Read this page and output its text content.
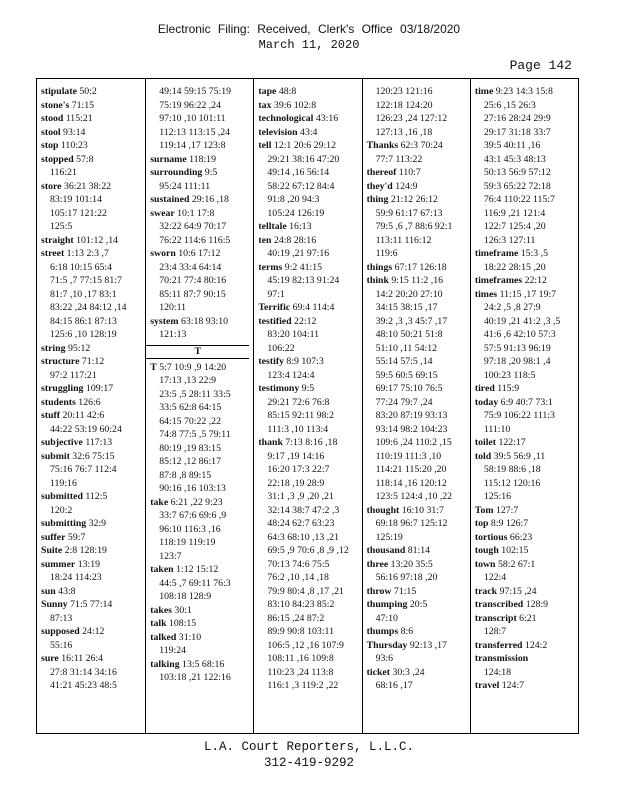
Electronic Filing: Received, Clerk's Office 03/18/2020
March 11, 2020
Page 142
stipulate 50:2
stone's 71:15
stood 115:21
stool 93:14
stop 110:23
stopped 57:8
116:21
store 36:21 38:22
83:19 101:14
105:17 121:22
125:5
straight 101:12 ,14
street 1:13 2:3 ,7
6:18 10:15 65:4
71:5 ,7 77:15 81:7
81:7 ,10 ,17 83:1
83:22 ,24 84:12 ,14
84:15 86:1 87:13
125:6 ,10 128:19
string 95:12
structure 71:12
97:2 117:21
struggling 109:17
students 126:6
stuff 20:11 42:6
44:22 53:19 60:24
subjective 117:13
submit 32:6 75:15
75:16 76:7 112:4
119:16
submitted 112:5
120:2
submitting 32:9
suffer 59:7
Suite 2:8 128:19
summer 13:19
18:24 114:23
sun 43:8
Sunny 71:5 77:14
87:13
supposed 24:12
55:16
sure 16:11 26:4
27:8 31:14 34:16
41:21 45:23 48:5
49:14 59:15 75:19
75:19 96:22 ,24
97:10 ,10 101:11
112:13 113:15 ,24
119:14 ,17 123:8
surname 118:19
surrounding 9:5
95:24 111:11
sustained 29:16 ,18
swear 10:1 17:8
32:22 64:9 70:17
76:22 114:6 116:5
sworn 10:6 17:12
23:4 33:4 64:14
70:21 77:4 80:16
85:11 87:7 90:15
120:11
system 63:18 93:10
121:13
T
T 5:7 10:9 ,9 14:20
17:13 ,13 22:9
23:5 ,5 28:11 33:5
33:5 62:8 64:15
64:15 70:22 ,22
74:8 77:5 ,5 79:11
80:19 ,19 83:15
85:12 ,12 86:17
87:8 ,8 89:15
90:16 ,16 103:13
take 6:21 ,22 9:23
33:7 67:6 69:6 ,9
96:10 116:3 ,16
118:19 119:19
123:7
taken 1:12 15:12
44:5 ,7 69:11 76:3
108:18 128:9
takes 30:1
talk 108:15
talked 31:10
119:24
talking 13:5 68:16
103:18 ,21 122:16
tape 48:8
tax 39:6 102:8
technological 43:16
television 43:4
tell 12:1 20:6 29:12
29:21 38:16 47:20
49:14 ,16 56:14
58:22 67:12 84:4
91:8 ,20 94:3
105:24 126:19
telltale 16:13
ten 24:8 28:16
40:19 ,21 97:16
terms 9:2 41:15
45:19 82:13 91:24
97:1
Terrific 69:4 114:4
testified 22:12
83:20 104:11
106:22
testify 8:9 107:3
123:4 124:4
testimony 9:5
29:21 72:6 76:8
85:15 92:11 98:2
111:3 ,10 113:4
thank 7:13 8:16 ,18
9:17 ,19 14:16
16:20 17:3 22:7
22:18 ,19 28:9
31:1 ,3 ,9 ,20 ,21
32:14 38:7 47:2 ,3
48:24 62:7 63:23
64:3 68:10 ,13 ,21
69:5 ,9 70:6 ,8 ,9 ,12
70:13 74:6 75:5
76:2 ,10 ,14 ,18
79:9 80:4 ,8 ,17 ,21
83:10 84:23 85:2
86:15 ,24 87:2
89:9 90:8 103:11
106:5 ,12 ,16 107:9
108:11 ,16 109:8
110:23 ,24 113:8
116:1 ,3 119:2 ,22
120:23 121:16
122:18 124:20
126:23 ,24 127:12
127:13 ,16 ,18
Thanks 62:3 70:24
77:7 113:22
thereof 110:7
they'd 124:9
thing 21:12 26:12
59:9 61:17 67:13
79:5 ,6 ,7 88:6 92:1
113:11 116:12
119:6
things 67:17 126:18
think 9:15 11:2 ,16
14:2 20:20 27:10
34:15 38:15 ,17
39:2 ,3 ,3 45:7 ,17
48:10 50:21 51:8
51:10 ,11 54:12
55:14 57:5 ,14
59:5 60:5 69:15
69:17 75:10 76:5
77:24 79:7 ,24
83:20 87:19 93:13
93:14 98:2 104:23
109:6 ,24 110:2 ,15
110:19 111:3 ,10
114:21 115:20 ,20
118:14 ,16 120:12
123:5 124:4 ,10 ,22
thought 16:10 31:7
69:18 96:7 125:12
125:19
thousand 81:14
three 13:20 35:5
56:16 97:18 ,20
throw 71:15
thumping 20:5
47:10
thumps 8:6
Thursday 92:13 ,17
93:6
ticket 30:3 ,24
68:16 ,17
time 9:23 14:3 15:8
25:6 ,15 26:3
27:16 28:24 29:9
29:17 31:18 33:7
39:5 40:11 ,16
43:1 45:3 48:13
50:13 56:9 57:12
59:3 65:22 72:18
76:4 110:22 115:7
116:9 ,21 121:4
122:7 125:4 ,20
126:3 127:11
timeframe 15:3 ,5
18:22 28:15 ,20
timeframes 22:12
times 11:15 ,17 19:7
24:2 ,5 ,8 27:9
40:19 ,21 41:2 ,3 ,5
41:6 ,6 42:10 57:3
57:5 91:13 96:19
97:18 ,20 98:1 ,4
100:23 118:5
tired 115:9
today 6:9 40:7 73:1
75:9 106:22 111:3
111:10
toilet 122:17
told 39:5 56:9 ,11
58:19 88:6 ,18
115:12 120:16
125:16
Tom 127:7
top 8:9 126:7
tortious 66:23
tough 102:15
town 58:2 67:1
122:4
track 97:15 ,24
transcribed 128:9
transcript 6:21
128:7
transferred 124:2
transmission
124:18
travel 124:7
L.A. Court Reporters, L.L.C.
312-419-9292
